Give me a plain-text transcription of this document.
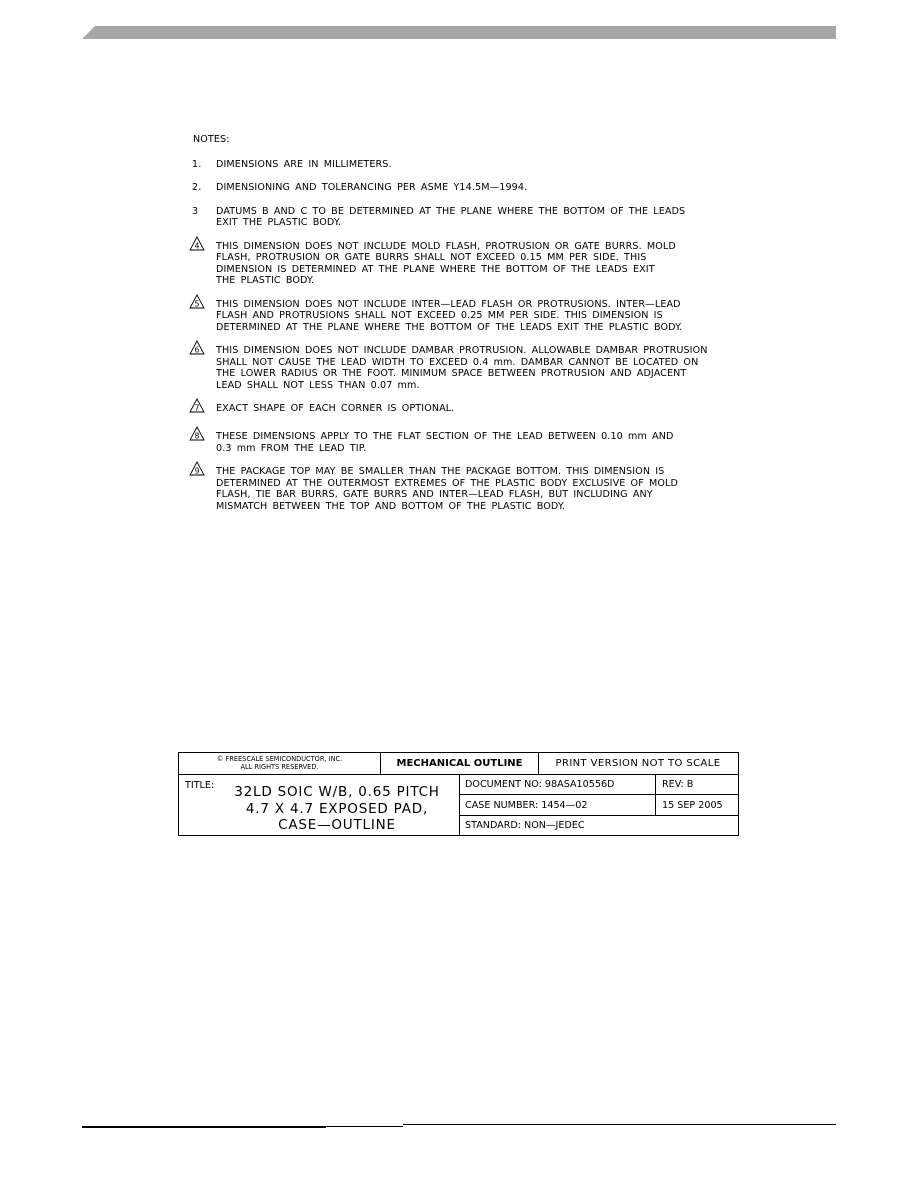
NOTES:
1.	DIMENSIONS ARE IN MILLIMETERS.
2.	DIMENSIONING AND TOLERANCING PER ASME Y14.5M—1994.
3	DATUMS B AND C TO BE DETERMINED AT THE PLANE WHERE THE BOTTOM OF THE LEADS
EXIT THE PLASTIC BODY.
4 THIS DIMENSION DOES NOT INCLUDE MOLD FLASH, PROTRUSION OR GATE BURRS. MOLD
FLASH, PROTRUSION OR GATE BURRS SHALL NOT EXCEED 0.15 MM PER SIDE. THIS
DIMENSION IS DETERMINED AT THE PLANE WHERE THE BOTTOM OF THE LEADS EXIT
THE PLASTIC BODY.
5 THIS DIMENSION DOES NOT INCLUDE INTER—LEAD FLASH OR PROTRUSIONS. INTER—LEAD
FLASH AND PROTRUSIONS SHALL NOT EXCEED 0.25 MM PER SIDE. THIS DIMENSION IS
DETERMINED AT THE PLANE WHERE THE BOTTOM OF THE LEADS EXIT THE PLASTIC BODY.
6 THIS DIMENSION DOES NOT INCLUDE DAMBAR PROTRUSION. ALLOWABLE DAMBAR PROTRUSION
SHALL NOT CAUSE THE LEAD WIDTH TO EXCEED 0.4 mm. DAMBAR CANNOT BE LOCATED ON
THE LOWER RADIUS OR THE FOOT. MINIMUM SPACE BETWEEN PROTRUSION AND ADJACENT
LEAD SHALL NOT LESS THAN 0.07 mm.
7 EXACT SHAPE OF EACH CORNER IS OPTIONAL.
8 THESE DIMENSIONS APPLY TO THE FLAT SECTION OF THE LEAD BETWEEN 0.10 mm AND
0.3 mm FROM THE LEAD TIP.
9 THE PACKAGE TOP MAY BE SMALLER THAN THE PACKAGE BOTTOM. THIS DIMENSION IS
DETERMINED AT THE OUTERMOST EXTREMES OF THE PLASTIC BODY EXCLUSIVE OF MOLD
FLASH, TIE BAR BURRS, GATE BURRS AND INTER—LEAD FLASH, BUT INCLUDING ANY
MISMATCH BETWEEN THE TOP AND BOTTOM OF THE PLASTIC BODY.
© FREESCALE SEMICONDUCTOR, INC.
ALL RIGHTS RESERVED.	MECHANICAL OUTLINE	PRINT VERSION NOT TO SCALE
TITLE:	32LD SOIC W/B, 0.65 PITCH
4.7 X 4.7 EXPOSED PAD,
CASE—OUTLINE
DOCUMENT NO: 98ASA10556D	REV: B
CASE NUMBER: 1454—02	15 SEP 2005
STANDARD: NON—JEDEC
